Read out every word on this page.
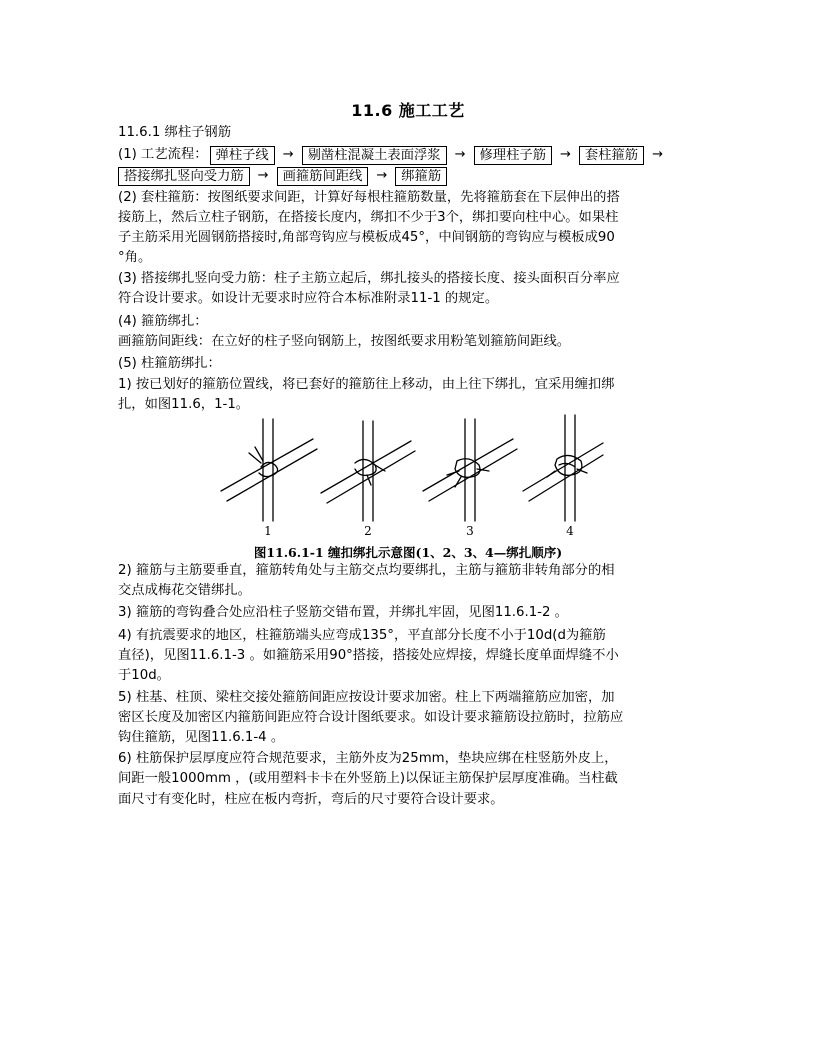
11.6 施工工艺
11.6.1 绑柱子钢筋
(1) 工艺流程： 弹柱子线	→	剔凿柱混凝土表面浮浆	→	修理柱子筋	→	套柱箍筋	→
搭接绑扎竖向受力筋	→	画箍筋间距线	→	绑箍筋
(2) 套柱箍筋：按图纸要求间距，计算好每根柱箍筋数量，先将箍筋套在下层伸出的搭
接筋上，然后立柱子钢筋，在搭接长度内，绑扣不少于3个，绑扣要向柱中心。如果柱
子主筋采用光圆钢筋搭接时,角部弯钩应与模板成45°，中间钢筋的弯钩应与模板成90
°角。
(3) 搭接绑扎竖向受力筋：柱子主筋立起后，绑扎接头的搭接长度、接头面积百分率应
符合设计要求。如设计无要求时应符合本标准附录11-1 的规定。
(4) 箍筋绑扎：
画箍筋间距线：在立好的柱子竖向钢筋上，按图纸要求用粉笔划箍筋间距线。
(5) 柱箍筋绑扎：
1) 按已划好的箍筋位置线，将已套好的箍筋往上移动，由上往下绑扎，宜采用缠扣绑
扎，如图11.6，1-1。
1	2	3	4
图11.6.1-1 缠扣绑扎示意图(1、2、3、4—绑扎顺序)
2) 箍筋与主筋要垂直，箍筋转角处与主筋交点均要绑扎，主筋与箍筋非转角部分的相
交点成梅花交错绑扎。
3) 箍筋的弯钩叠合处应沿柱子竖筋交错布置，并绑扎牢固，见图11.6.1-2 。
4) 有抗震要求的地区，柱箍筋端头应弯成135°，平直部分长度不小于10d(d为箍筋
直径)，见图11.6.1-3 。如箍筋采用90°搭接，搭接处应焊接，焊缝长度单面焊缝不小
于10d。
5) 柱基、柱顶、梁柱交接处箍筋间距应按设计要求加密。柱上下两端箍筋应加密，加
密区长度及加密区内箍筋间距应符合设计图纸要求。如设计要求箍筋设拉筋时，拉筋应
钩住箍筋，见图11.6.1-4 。
6) 柱筋保护层厚度应符合规范要求，主筋外皮为25mm，垫块应绑在柱竖筋外皮上，
间距一般1000mm ，(或用塑料卡卡在外竖筋上)以保证主筋保护层厚度准确。当柱截
面尺寸有变化时，柱应在板内弯折，弯后的尺寸要符合设计要求。
